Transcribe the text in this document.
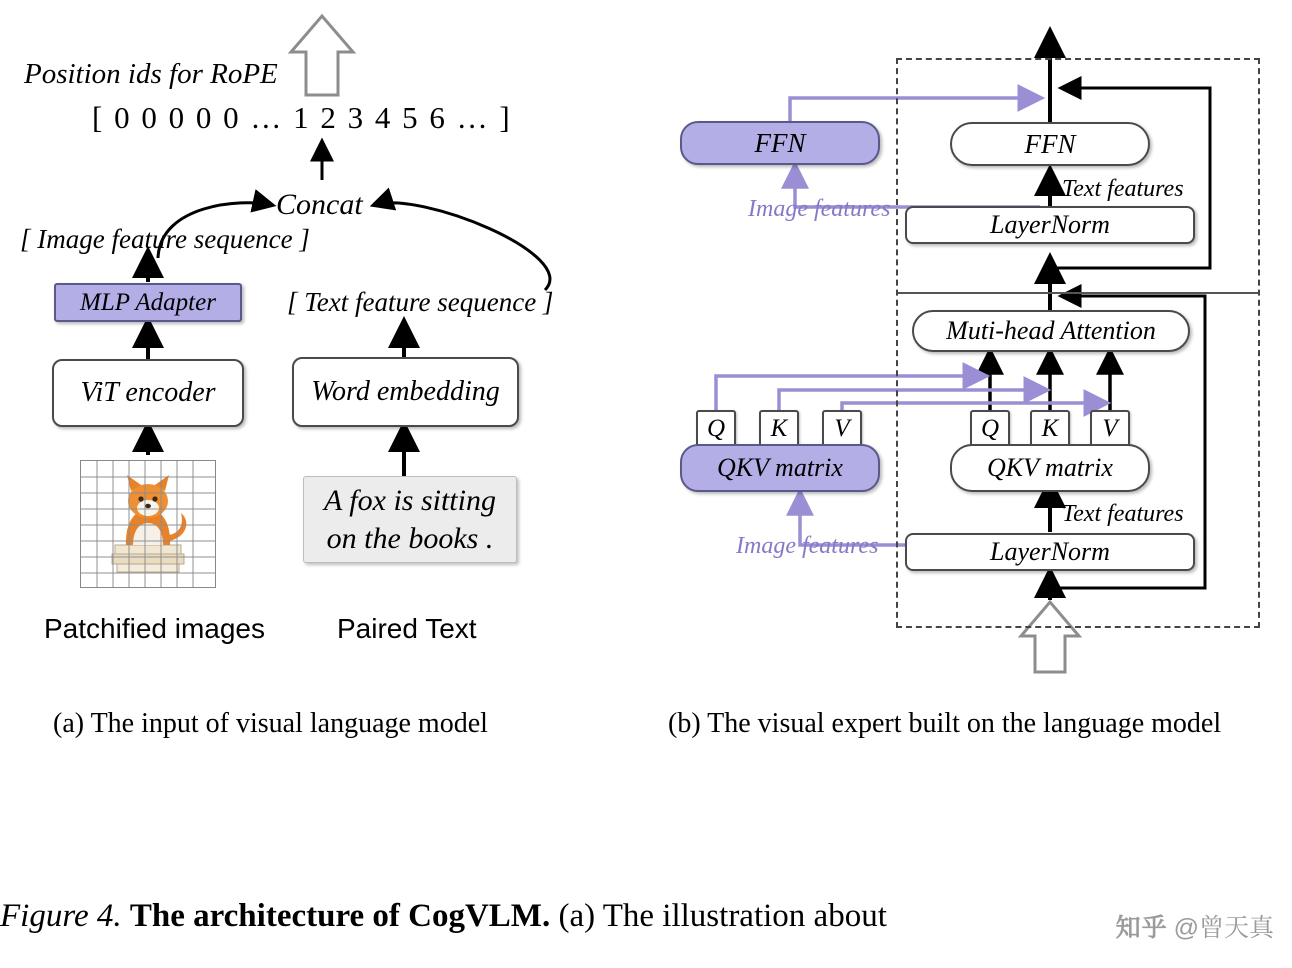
Position ids for RoPE
[ 0 0 0 0 0 … 1 2 3 4 5 6 … ]
Concat
[ Image feature sequence ]
[ Text feature sequence ]
MLP Adapter
ViT encoder	Word embedding
A fox is sitting
on the books .
Patchified images	Paired Text
(a) The input of visual language model
FFN	FFN
LayerNorm
Muti-head Attention
Q K V	Q K V
QKV matrix	QKV matrix
LayerNorm
Image features
Image features
Text features
Text features
(b) The visual expert built on the language model
Figure 4. The architecture of CogVLM. (a) The illustration about	知乎 @曾天真
